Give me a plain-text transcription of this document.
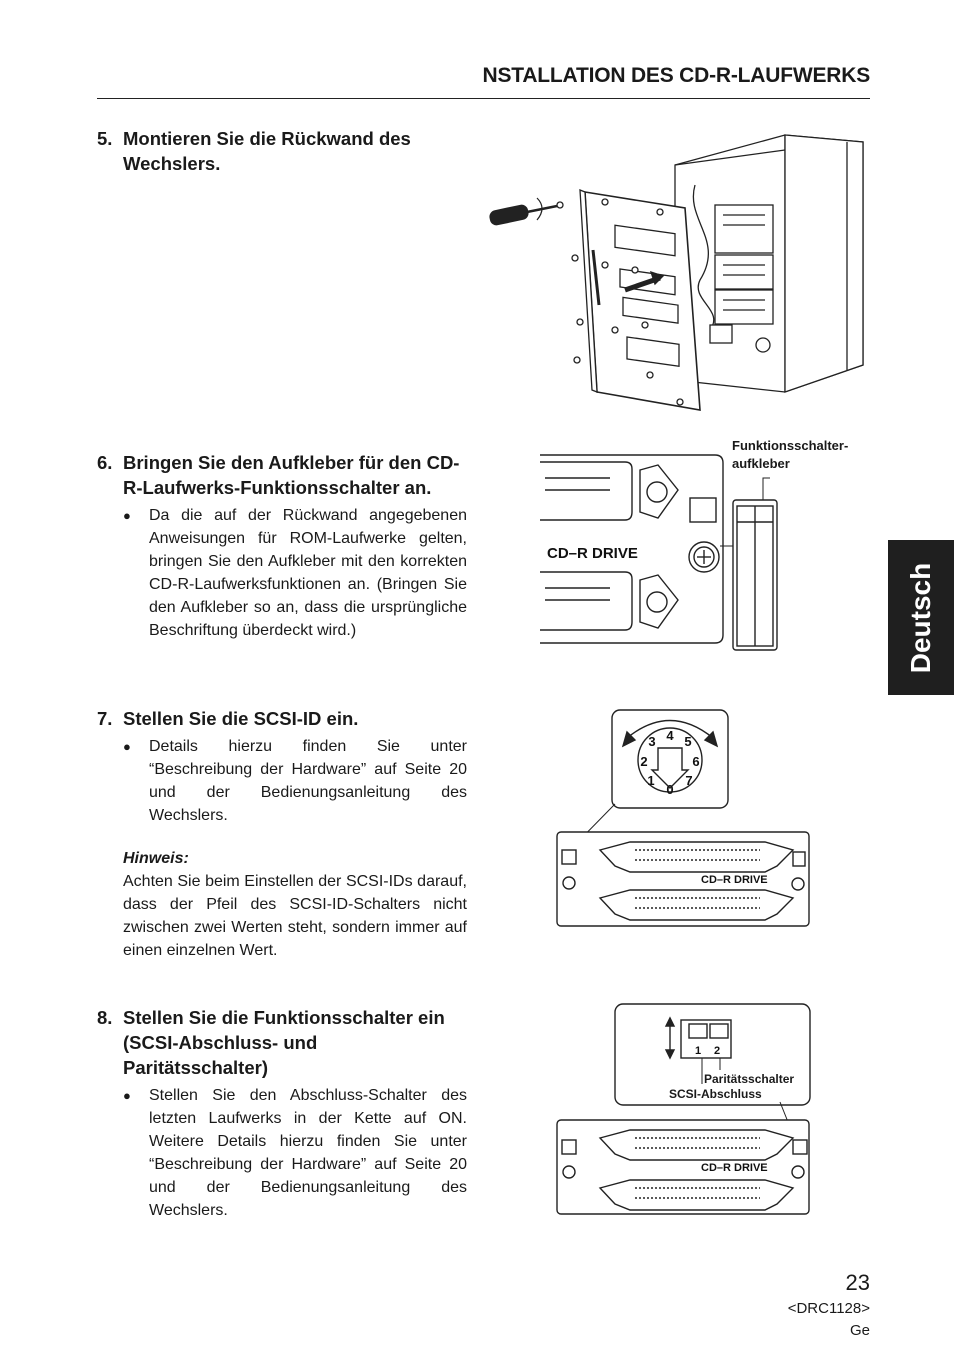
NSTALLATION DES CD-R-LAUFWERKS
Deutsch
5. Montieren Sie die Rückwand des Wechslers.
6. Bringen Sie den Aufkleber für den CD-R-Laufwerks-Funktionsschalter an.
●	Da die auf der Rückwand angegebenen Anweisungen für ROM-Laufwerke gelten, bringen Sie den Aufkleber mit den korrekten CD-R-Laufwerksfunktionen an. (Bringen Sie den Aufkleber so an, dass die ursprüngliche Beschriftung überdeckt wird.)
7. Stellen Sie die SCSI-ID ein.
●	Details hierzu finden Sie unter “Beschreibung der Hardware” auf Seite 20 und der Bedienungsanleitung des Wechslers.
Hinweis:
Achten Sie beim Einstellen der SCSI-IDs darauf, dass der Pfeil des SCSI-ID-Schalters nicht zwischen zwei Werten steht, sondern immer auf einen einzelnen Wert.
8. Stellen Sie die Funktionsschalter ein (SCSI-Abschluss- und Paritätsschalter)
●	Stellen Sie den Abschluss-Schalter des letzten Laufwerks in der Kette auf ON. Weitere Details hierzu finden Sie unter “Beschreibung der Hardware” auf Seite 20 und der Bedienungsanleitung des Wechslers.
CD–R DRIVE
Funktionsschalter-
aufkleber
4 5
6
7
0
1
2
3
CD–R DRIVE
1 2
CD–R DRIVE
Paritätsschalter
SCSI-Abschluss
23
<DRC1128>
Ge
